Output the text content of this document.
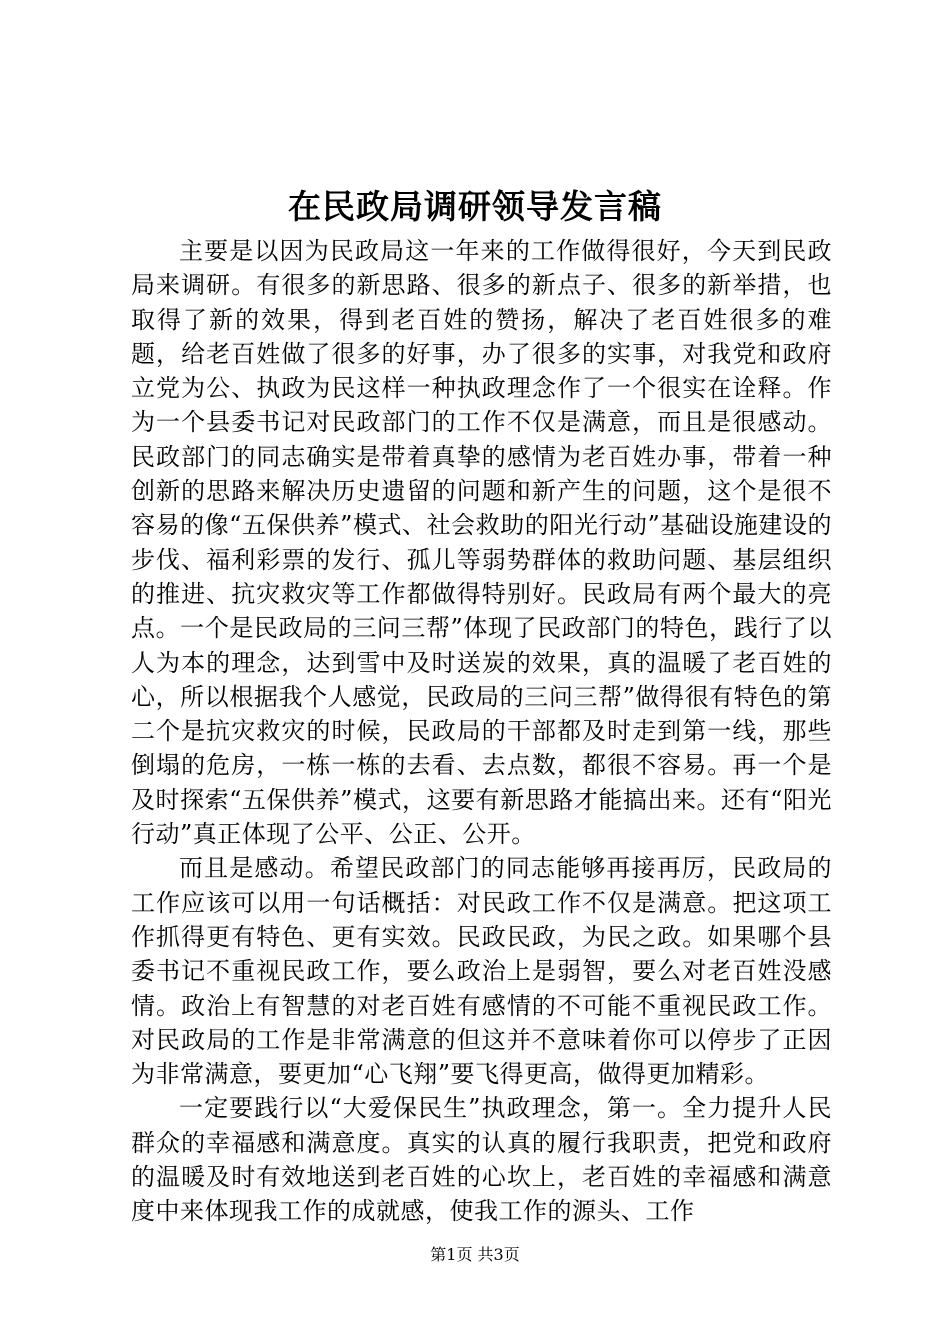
在民政局调研领导发言稿

主要是以因为民政局这一年来的工作做得很好，今天到民政局来调研。有很多的新思路、很多的新点子、很多的新举措，也取得了新的效果，得到老百姓的赞扬，解决了老百姓很多的难题，给老百姓做了很多的好事，办了很多的实事，对我党和政府立党为公、执政为民这样一种执政理念作了一个很实在诠释。作为一个县委书记对民政部门的工作不仅是满意，而且是很感动。民政部门的同志确实是带着真挚的感情为老百姓办事，带着一种创新的思路来解决历史遗留的问题和新产生的问题，这个是很不容易的像“五保供养”模式、社会救助的阳光行动”基础设施建设的步伐、福利彩票的发行、孤儿等弱势群体的救助问题、基层组织的推进、抗灾救灾等工作都做得特别好。民政局有两个最大的亮点。一个是民政局的三问三帮”体现了民政部门的特色，践行了以人为本的理念，达到雪中及时送炭的效果，真的温暖了老百姓的心，所以根据我个人感觉，民政局的三问三帮”做得很有特色的第二个是抗灾救灾的时候，民政局的干部都及时走到第一线，那些倒塌的危房，一栋一栋的去看、去点数，都很不容易。再一个是及时探索“五保供养”模式，这要有新思路才能搞出来。还有“阳光行动”真正体现了公平、公正、公开。

而且是感动。希望民政部门的同志能够再接再厉，民政局的工作应该可以用一句话概括：对民政工作不仅是满意。把这项工作抓得更有特色、更有实效。民政民政，为民之政。如果哪个县委书记不重视民政工作，要么政治上是弱智，要么对老百姓没感情。政治上有智慧的对老百姓有感情的不可能不重视民政工作。对民政局的工作是非常满意的但这并不意味着你可以停步了正因为非常满意，要更加“心飞翔”要飞得更高，做得更加精彩。

一定要践行以“大爱保民生”执政理念，第一。全力提升人民群众的幸福感和满意度。真实的认真的履行我职责，把党和政府的温暖及时有效地送到老百姓的心坎上，老百姓的幸福感和满意度中来体现我工作的成就感，使我工作的源头、工作

第1页 共3页
